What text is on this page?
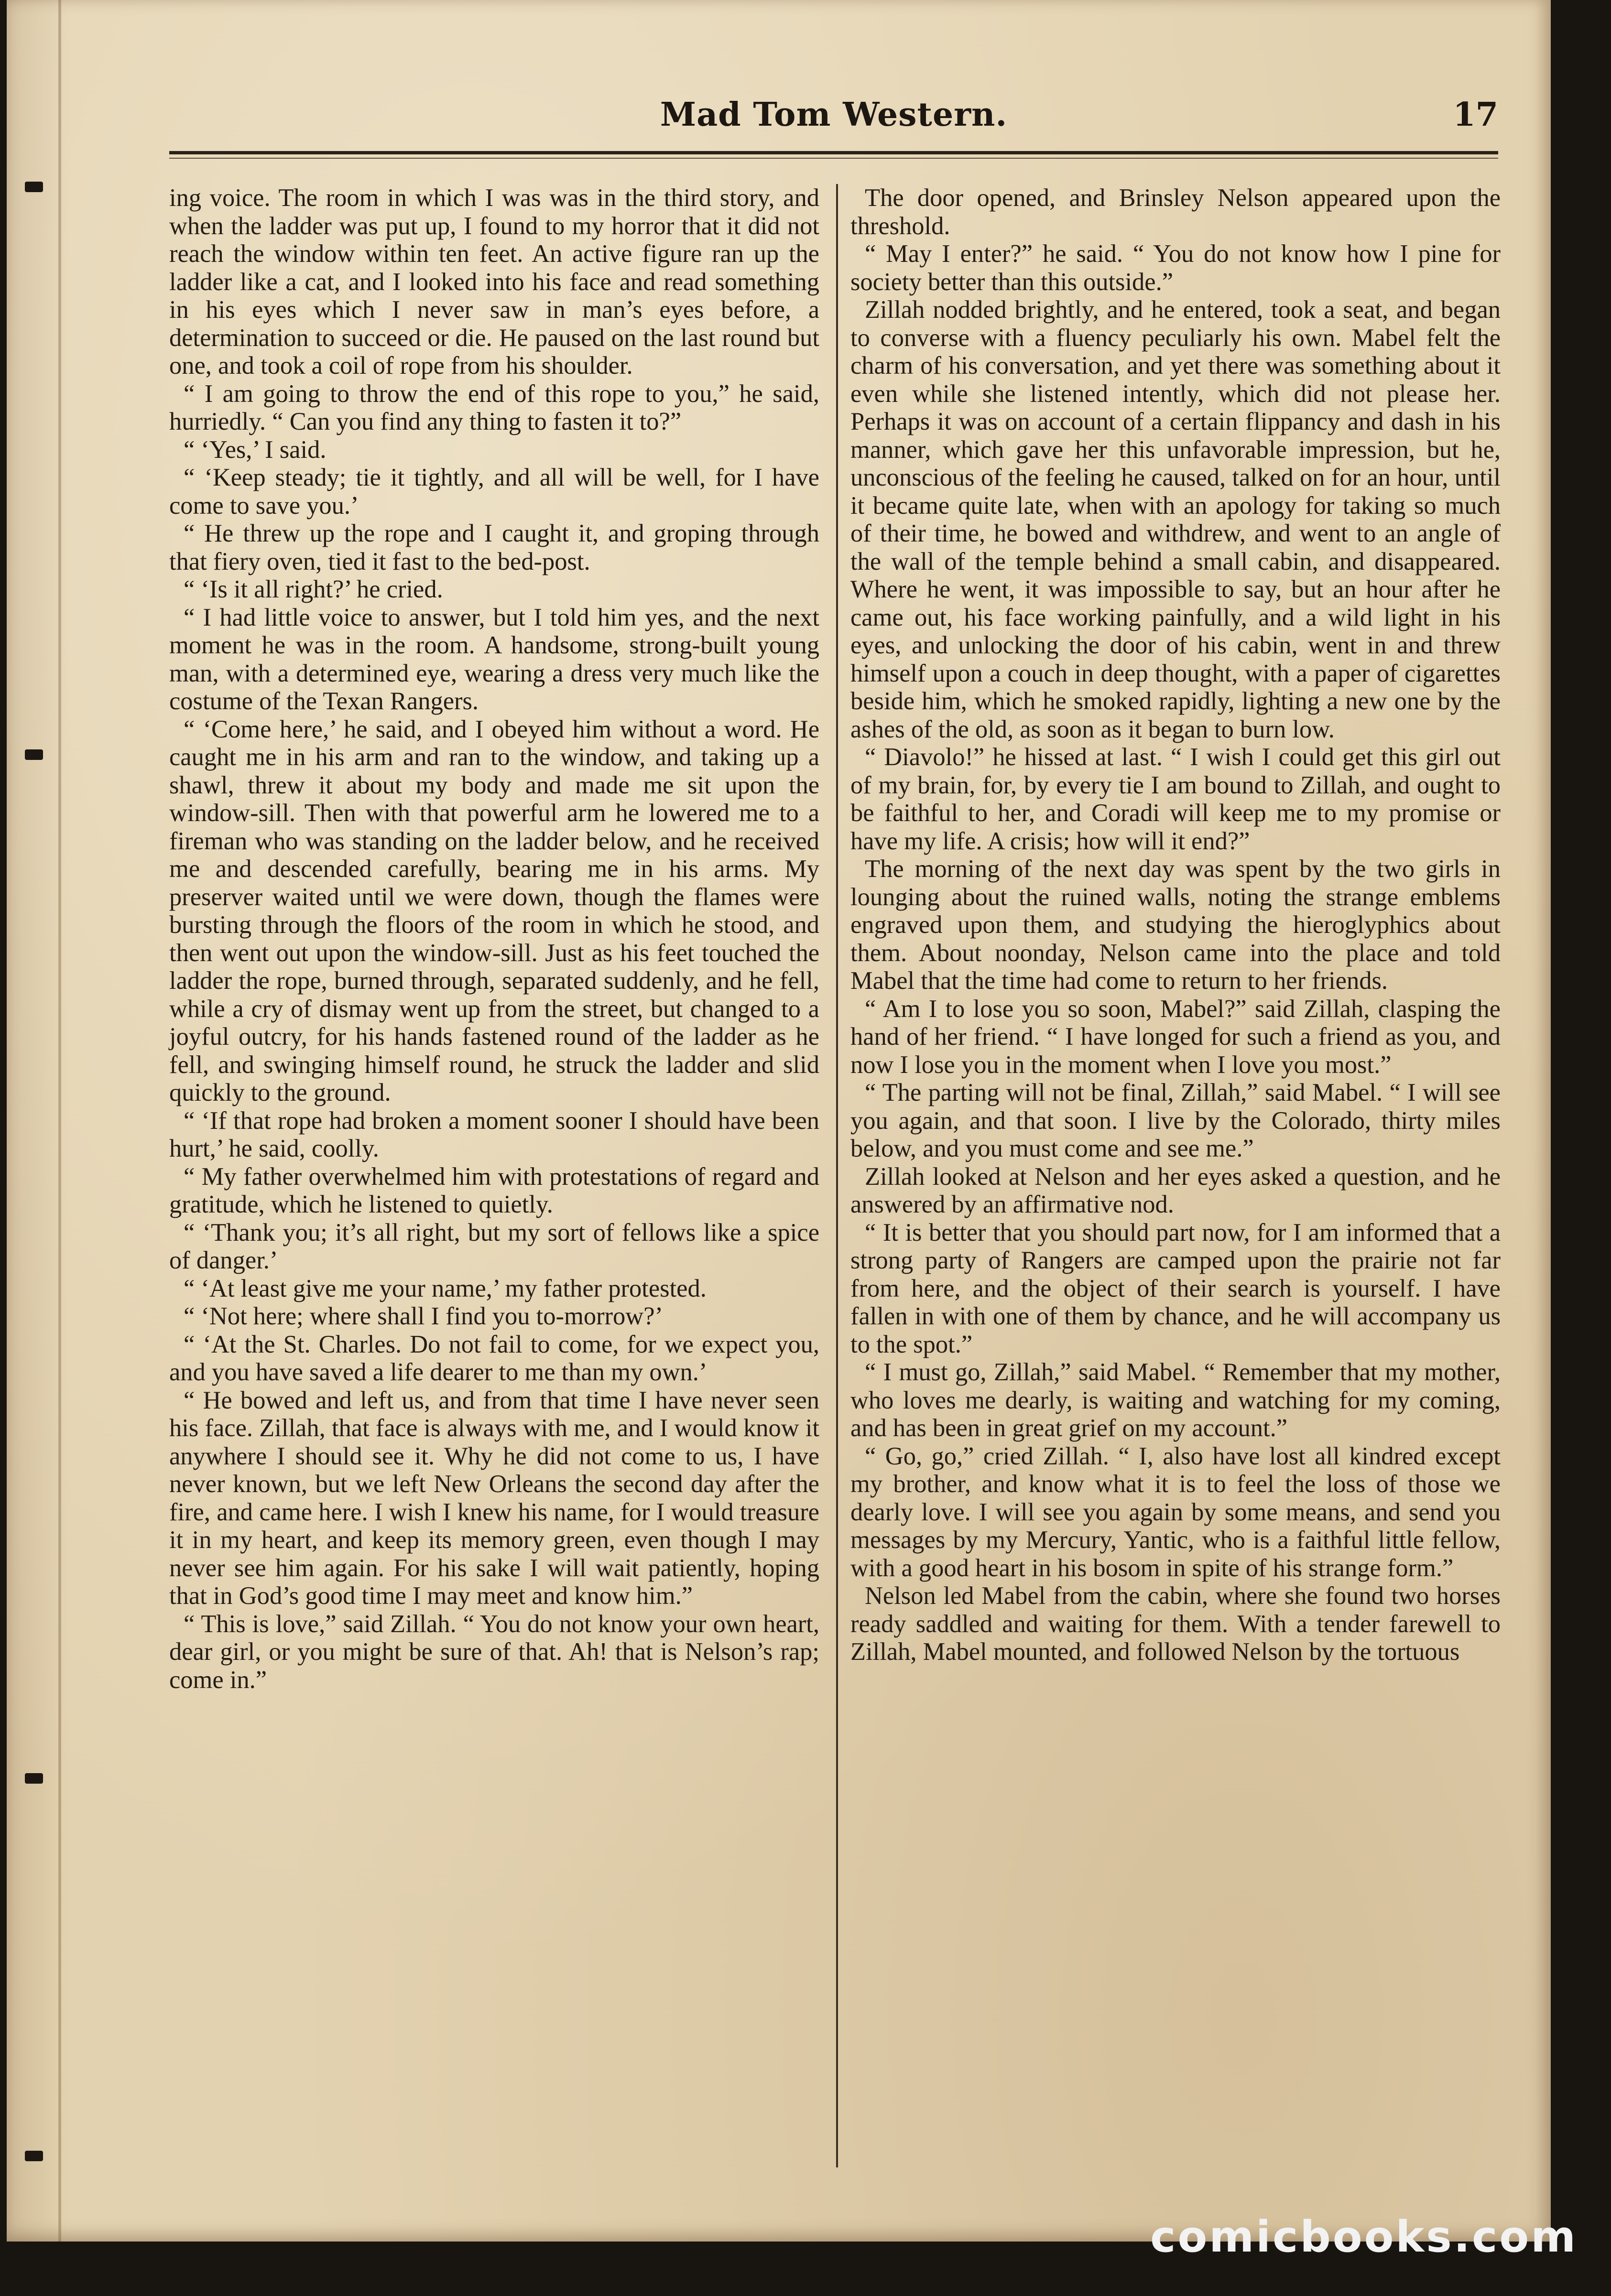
Mad Tom Western.	17

ing voice. The room in which I was was in the third story, and when the ladder was put up, I found to my horror that it did not reach the window within ten feet. An active figure ran up the ladder like a cat, and I looked into his face and read something in his eyes which I never saw in man’s eyes before, a determination to succeed or die. He paused on the last round but one, and took a coil of rope from his shoulder.

“ I am going to throw the end of this rope to you,” he said, hurriedly. “ Can you find any thing to fasten it to?”

“ ‘Yes,’ I said.

“ ‘Keep steady; tie it tightly, and all will be well, for I have come to save you.’

“ He threw up the rope and I caught it, and groping through that fiery oven, tied it fast to the bed-post.

“ ‘Is it all right?’ he cried.

“ I had little voice to answer, but I told him yes, and the next moment he was in the room. A handsome, strong-built young man, with a determined eye, wearing a dress very much like the costume of the Texan Rangers.

“ ‘Come here,’ he said, and I obeyed him without a word. He caught me in his arm and ran to the window, and taking up a shawl, threw it about my body and made me sit upon the window-sill. Then with that powerful arm he lowered me to a fireman who was standing on the ladder below, and he received me and descended carefully, bearing me in his arms. My preserver waited until we were down, though the flames were bursting through the floors of the room in which he stood, and then went out upon the window-sill. Just as his feet touched the ladder the rope, burned through, separated suddenly, and he fell, while a cry of dismay went up from the street, but changed to a joyful outcry, for his hands fastened round of the ladder as he fell, and swinging himself round, he struck the ladder and slid quickly to the ground.

“ ‘If that rope had broken a moment sooner I should have been hurt,’ he said, coolly.

“ My father overwhelmed him with protestations of regard and gratitude, which he listened to quietly.

“ ‘Thank you; it’s all right, but my sort of fellows like a spice of danger.’

“ ‘At least give me your name,’ my father protested.

“ ‘Not here; where shall I find you to-morrow?’

“ ‘At the St. Charles. Do not fail to come, for we expect you, and you have saved a life dearer to me than my own.’

“ He bowed and left us, and from that time I have never seen his face. Zillah, that face is always with me, and I would know it anywhere I should see it. Why he did not come to us, I have never known, but we left New Orleans the second day after the fire, and came here. I wish I knew his name, for I would treasure it in my heart, and keep its memory green, even though I may never see him again. For his sake I will wait patiently, hoping that in God’s good time I may meet and know him.”

“ This is love,” said Zillah. “ You do not know your own heart, dear girl, or you might be sure of that. Ah! that is Nelson’s rap; come in.”

The door opened, and Brinsley Nelson appeared upon the threshold.

“ May I enter?” he said. “ You do not know how I pine for society better than this outside.”

Zillah nodded brightly, and he entered, took a seat, and began to converse with a fluency peculiarly his own. Mabel felt the charm of his conversation, and yet there was something about it even while she listened intently, which did not please her. Perhaps it was on account of a certain flippancy and dash in his manner, which gave her this unfavorable impression, but he, unconscious of the feeling he caused, talked on for an hour, until it became quite late, when with an apology for taking so much of their time, he bowed and withdrew, and went to an angle of the wall of the temple behind a small cabin, and disappeared. Where he went, it was impossible to say, but an hour after he came out, his face working painfully, and a wild light in his eyes, and unlocking the door of his cabin, went in and threw himself upon a couch in deep thought, with a paper of cigarettes beside him, which he smoked rapidly, lighting a new one by the ashes of the old, as soon as it began to burn low.

“ Diavolo!” he hissed at last. “ I wish I could get this girl out of my brain, for, by every tie I am bound to Zillah, and ought to be faithful to her, and Coradi will keep me to my promise or have my life. A crisis; how will it end?”

The morning of the next day was spent by the two girls in lounging about the ruined walls, noting the strange emblems engraved upon them, and studying the hieroglyphics about them. About noonday, Nelson came into the place and told Mabel that the time had come to return to her friends.

“ Am I to lose you so soon, Mabel?” said Zillah, clasping the hand of her friend. “ I have longed for such a friend as you, and now I lose you in the moment when I love you most.”

“ The parting will not be final, Zillah,” said Mabel. “ I will see you again, and that soon. I live by the Colorado, thirty miles below, and you must come and see me.”

Zillah looked at Nelson and her eyes asked a question, and he answered by an affirmative nod.

“ It is better that you should part now, for I am informed that a strong party of Rangers are camped upon the prairie not far from here, and the object of their search is yourself. I have fallen in with one of them by chance, and he will accompany us to the spot.”

“ I must go, Zillah,” said Mabel. “ Remember that my mother, who loves me dearly, is waiting and watching for my coming, and has been in great grief on my account.”

“ Go, go,” cried Zillah. “ I, also have lost all kindred except my brother, and know what it is to feel the loss of those we dearly love. I will see you again by some means, and send you messages by my Mercury, Yantic, who is a faithful little fellow, with a good heart in his bosom in spite of his strange form.”

Nelson led Mabel from the cabin, where she found two horses ready saddled and waiting for them. With a tender farewell to Zillah, Mabel mounted, and followed Nelson by the tortuous

comicbooks.com
